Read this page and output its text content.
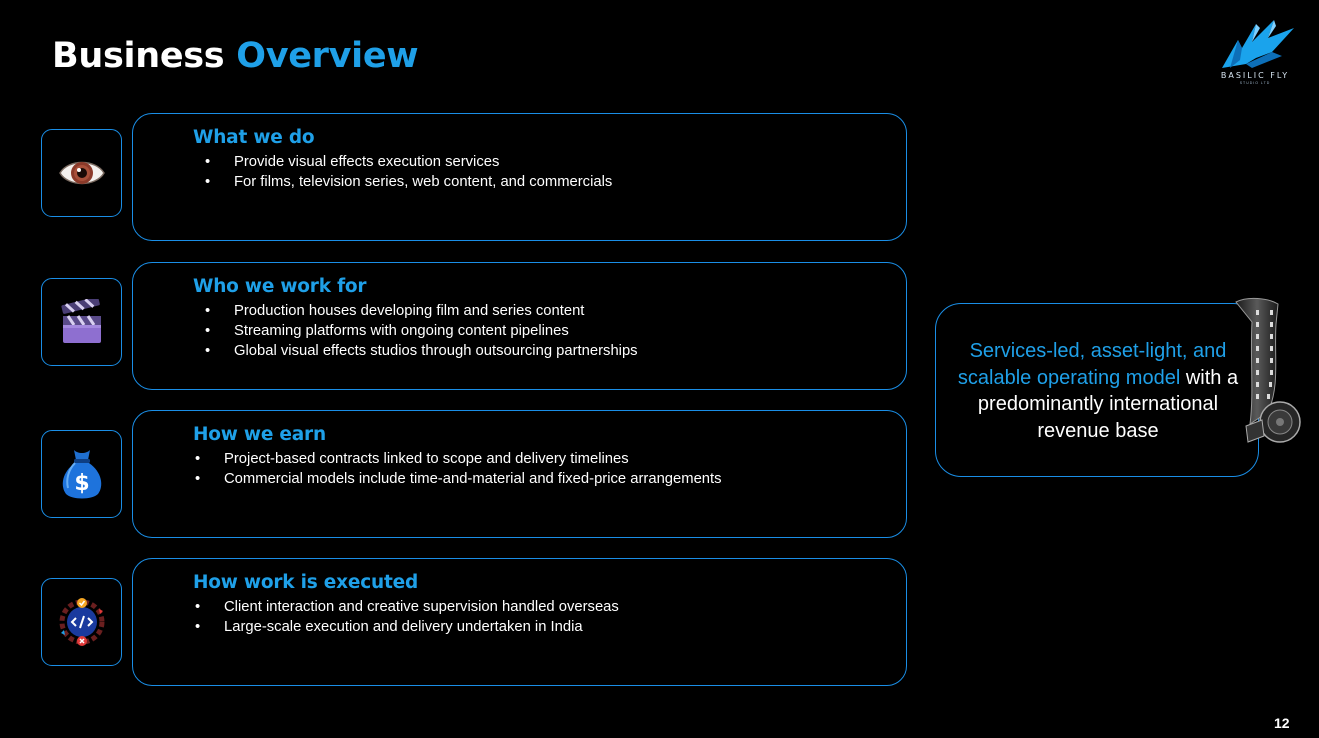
Business Overview	BASILIC FLY
STUDIO LTD
$
What we do
• Provide visual effects execution services
• For films, television series, web content, and commercials
Who we work for
• Production houses developing film and series content
• Streaming platforms with ongoing content pipelines
• Global visual effects studios through outsourcing partnerships
How we earn
• Project-based contracts linked to scope and delivery timelines
• Commercial models include time-and-material and fixed-price arrangements
How work is executed
• Client interaction and creative supervision handled overseas
• Large-scale execution and delivery undertaken in India
Services-led, asset-light, and scalable operating model with a predominantly international revenue base
12
